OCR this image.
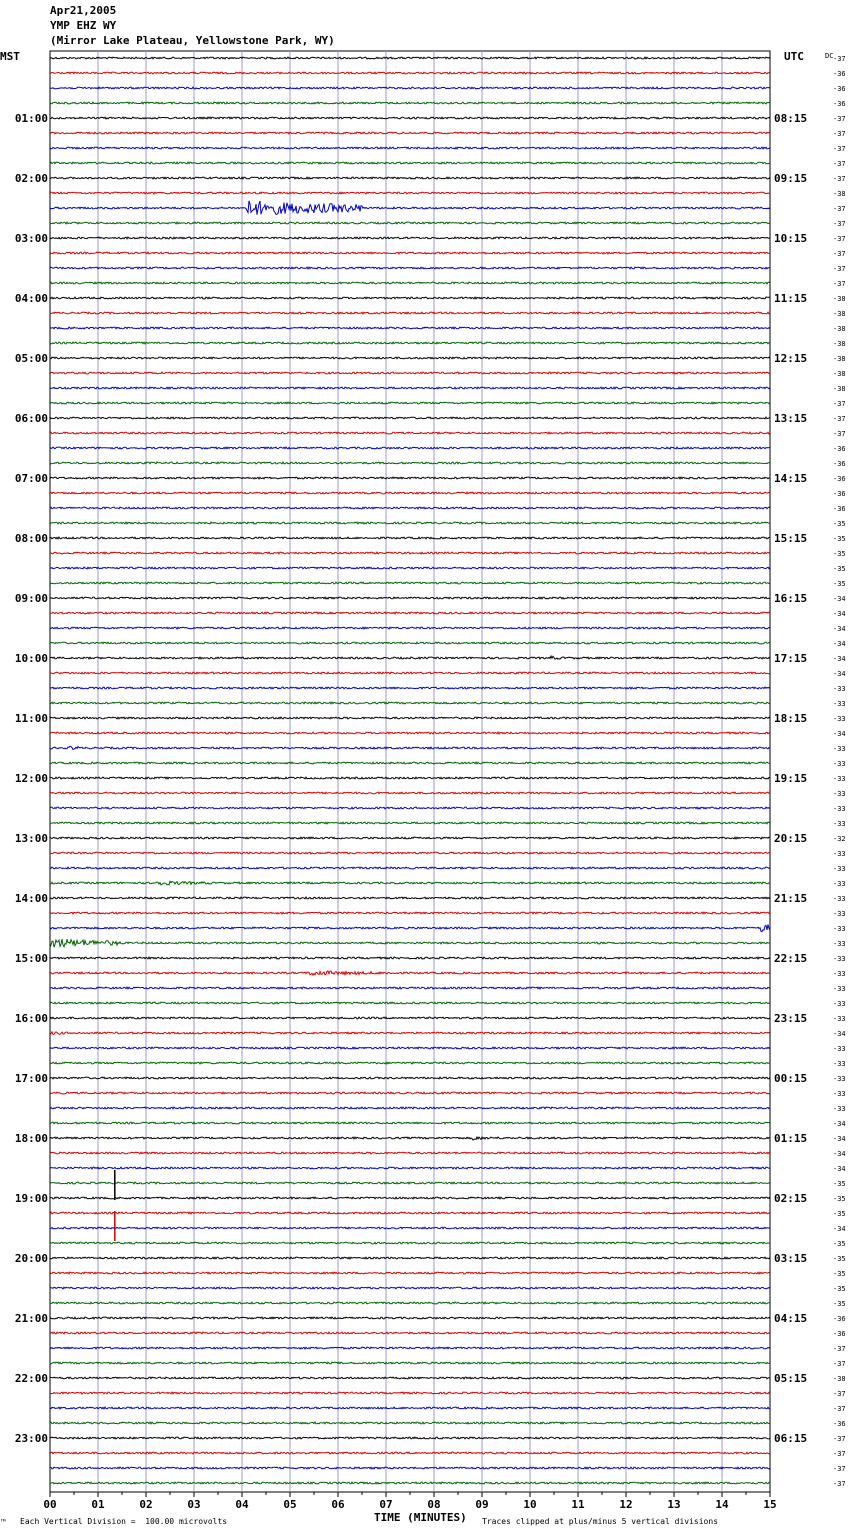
Apr21,2005
YMP EHZ WY
(Mirror Lake Plateau, Yellowstone Park, WY)
MST	UTC	DC -37
-36
-36
-36
-37
-37
-37
-37
-37
-38
-37
-37
-37
-37
-37
-37
-38
-38
-38
-38
-38
-38
-38
-37
-37
-37
-36
-36
-36
-36
-36
-35
-35
-35
-35
-35
-34
-34
-34
-34
-34
-34
-33
-33
-33
-34
-33
-33
-33
-33
-33
-33
-32
-33
-33
-33
-33
-33
-33
-33
-33
-33
-33
-33
-33
-34
-33
-33
-33
-33
-33
-34
-34
-34
-34
-35
-35
-35
-34
-35
-35
-35
-35
-35
-36
-36
-37
-37
-38
-37
-37
-36
-37
-37
-37
-37
01:00	08:15
02:00	09:15
03:00	10:15
04:00	11:15
05:00	12:15
06:00	13:15
07:00	14:15
08:00	15:15
09:00	16:15
10:00	17:15
11:00	18:15
12:00	19:15
13:00	20:15
14:00	21:15
15:00	22:15
16:00	23:15
17:00	00:15
18:00	01:15
19:00	02:15
20:00	03:15
21:00	04:15
22:00	05:15
23:00	06:15
00	01	02	03	04	05	06	07	08	09	10	11	12	13	14	15
TIME (MINUTES)
Each Vertical Division =  100.00 microvolts	Traces clipped at plus/minus 5 vertical divisions
™
